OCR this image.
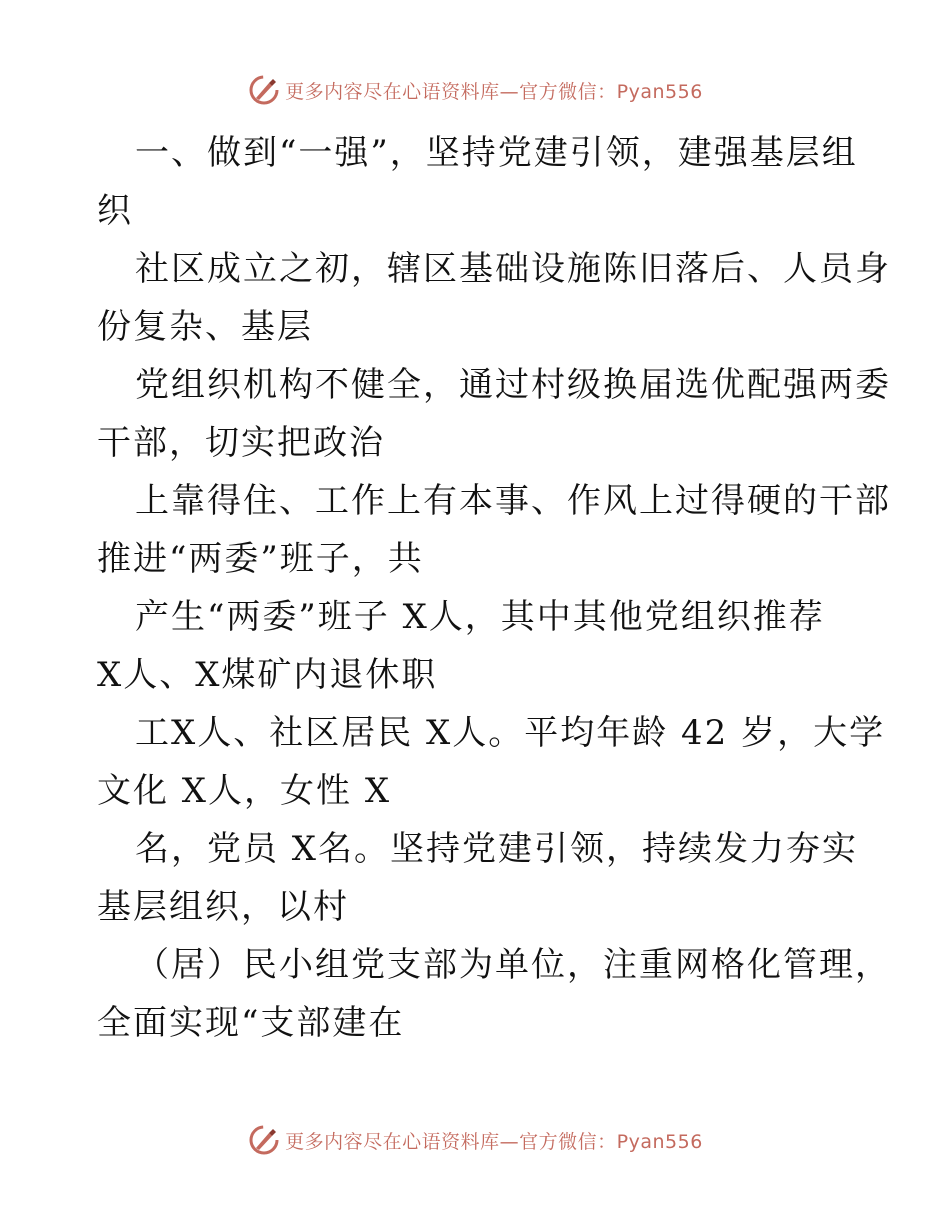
更多内容尽在心语资料库—官方微信：Pyan556
一、做到“一强”，坚持党建引领，建强基层组
织
社区成立之初，辖区基础设施陈旧落后、人员身
份复杂、基层
党组织机构不健全，通过村级换届选优配强两委
干部，切实把政治
上靠得住、工作上有本事、作风上过得硬的干部
推进“两委”班子，共
产生“两委”班子 X人，其中其他党组织推荐
X人、X煤矿内退休职
工X人、社区居民 X人。平均年龄 42 岁，大学
文化 X人，女性 X
名，党员 X名。坚持党建引领，持续发力夯实
基层组织，以村
（居）民小组党支部为单位，注重网格化管理，
全面实现“支部建在
更多内容尽在心语资料库—官方微信：Pyan556
